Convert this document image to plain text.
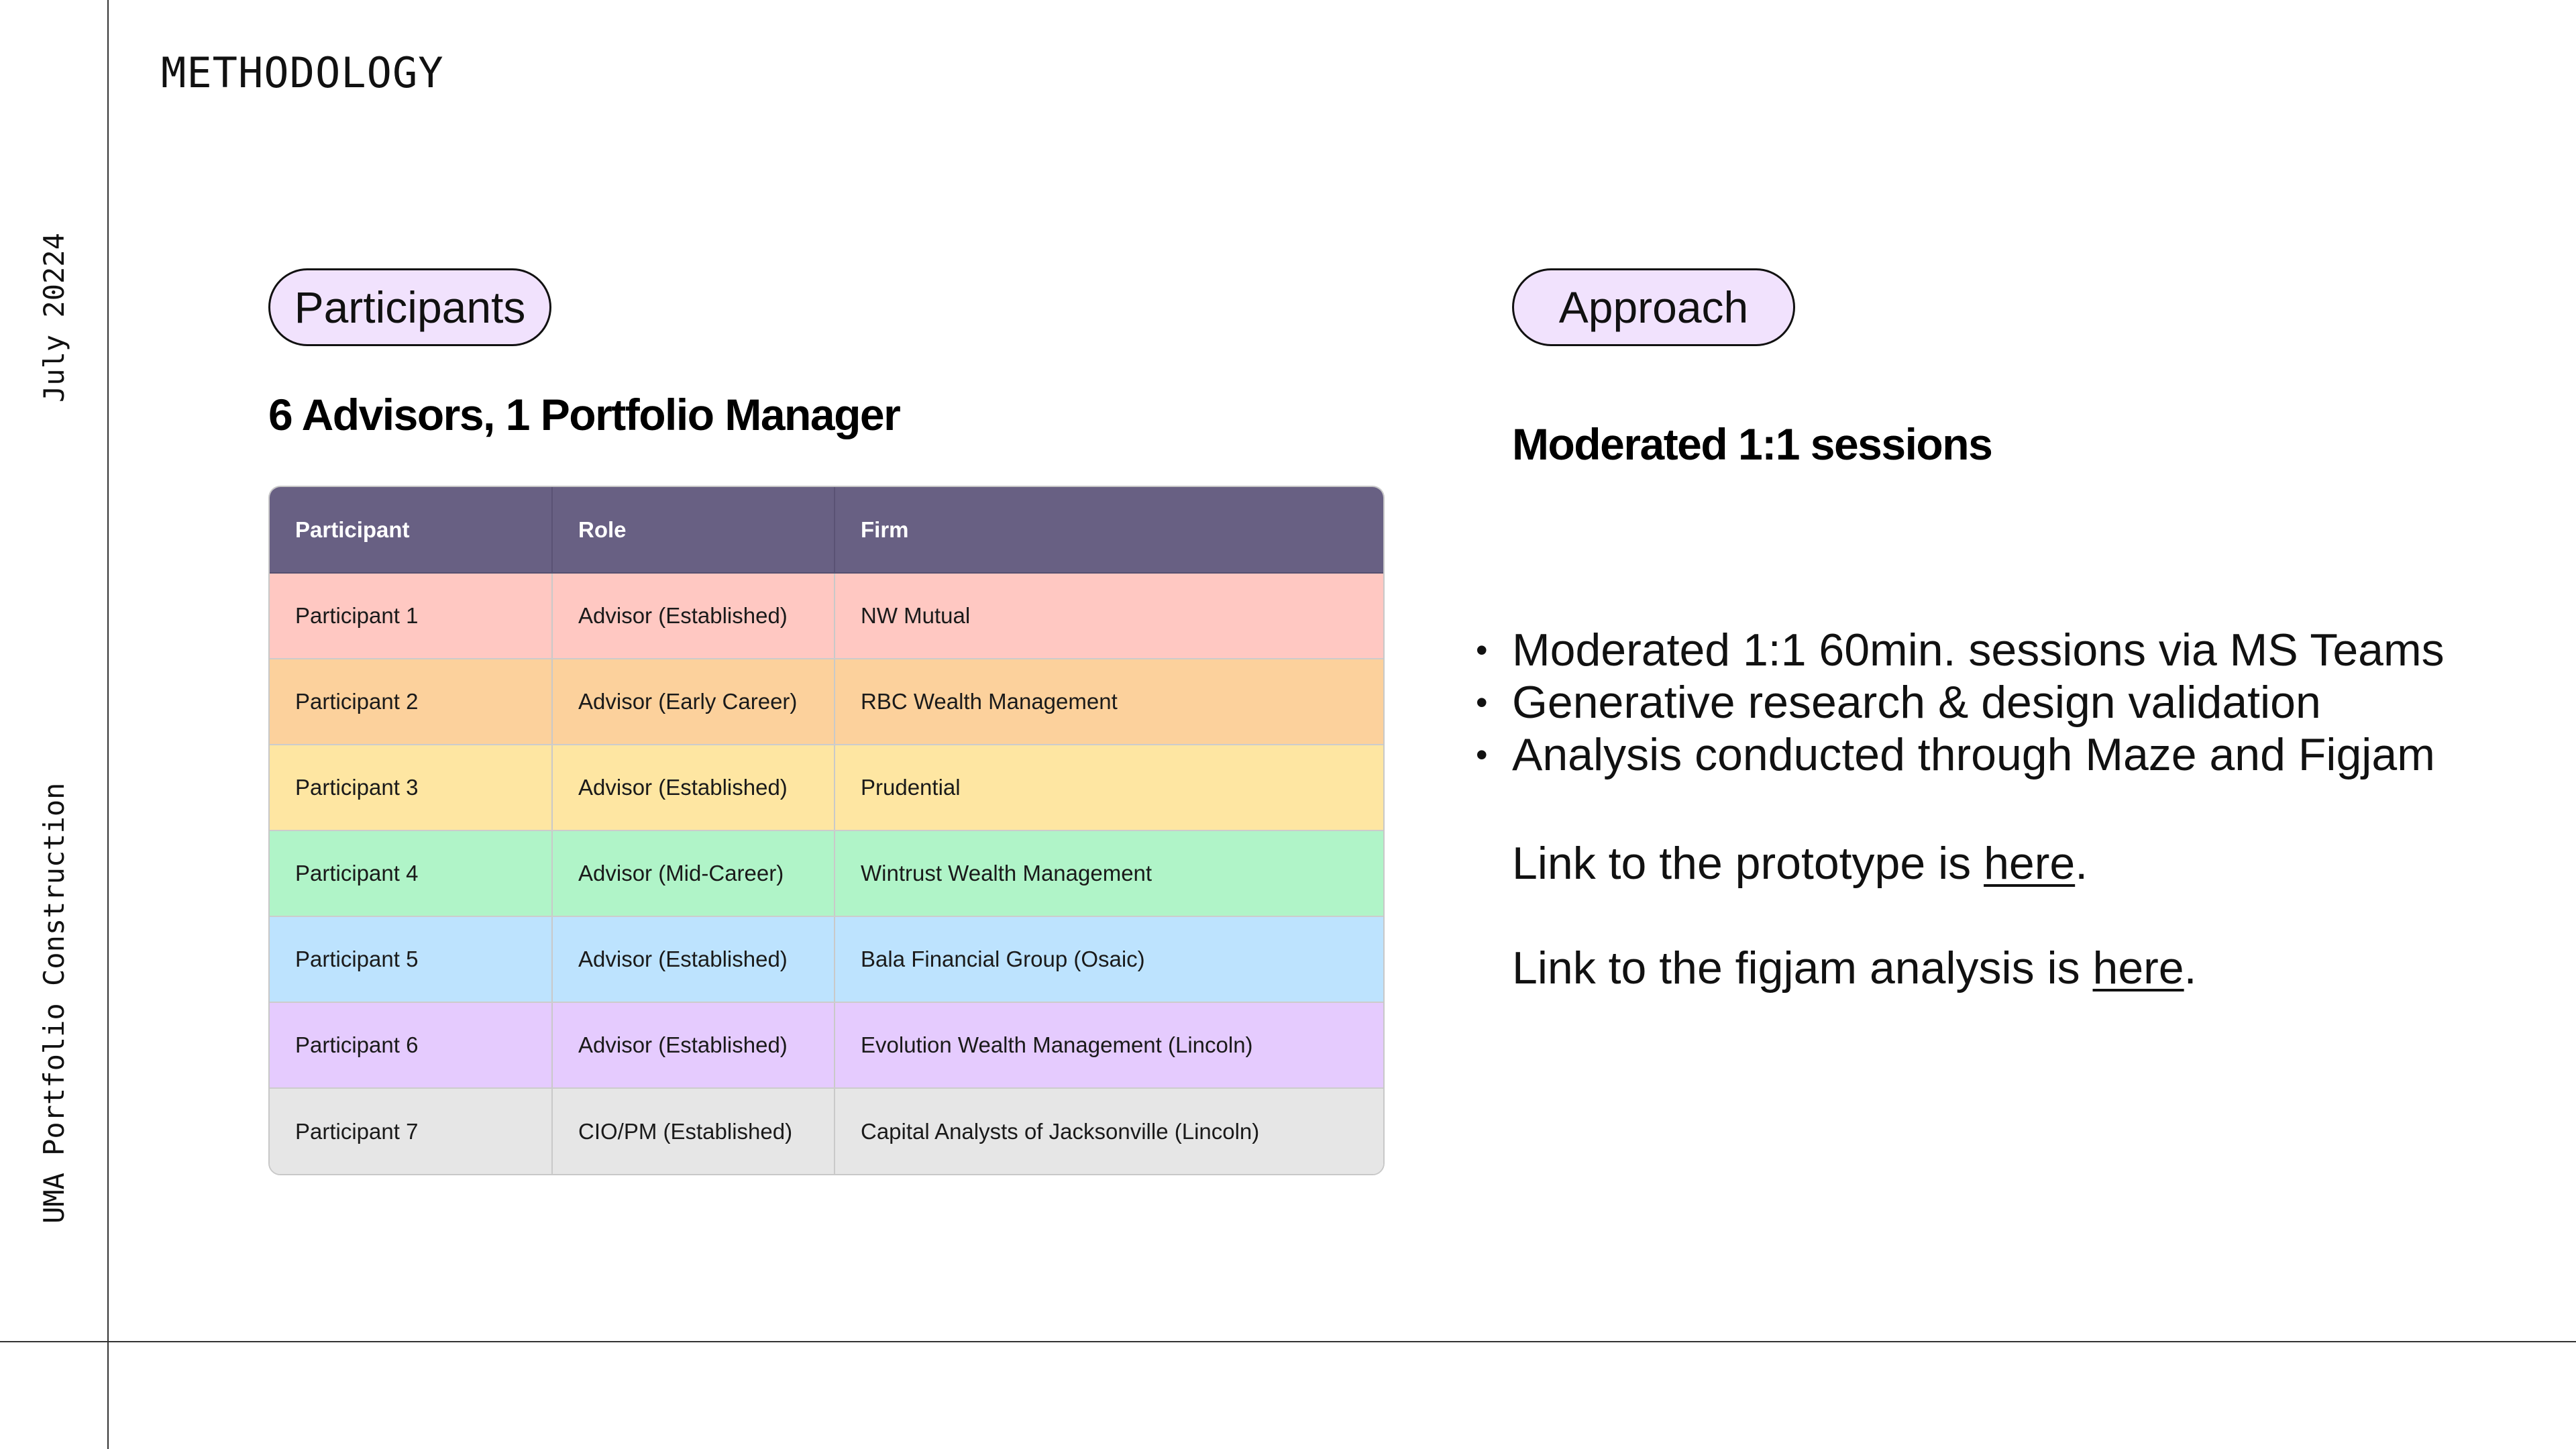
July 20224
UMA Portfolio Construction
METHODOLOGY
Participants
6 Advisors, 1 Portfolio Manager
Participant	Role	Firm
Participant 1	Advisor (Established)	NW Mutual
Participant 2	Advisor (Early Career)	RBC Wealth Management
Participant 3	Advisor (Established)	Prudential
Participant 4	Advisor (Mid-Career)	Wintrust Wealth Management
Participant 5	Advisor (Established)	Bala Financial Group (Osaic)
Participant 6	Advisor (Established)	Evolution Wealth Management (Lincoln)
Participant 7	CIO/PM (Established)	Capital Analysts of Jacksonville (Lincoln)
Approach
Moderated 1:1 sessions
• Moderated 1:1 60min. sessions via MS Teams
• Generative research & design validation
• Analysis conducted through Maze and Figjam
Link to the prototype is here.
Link to the figjam analysis is here.
